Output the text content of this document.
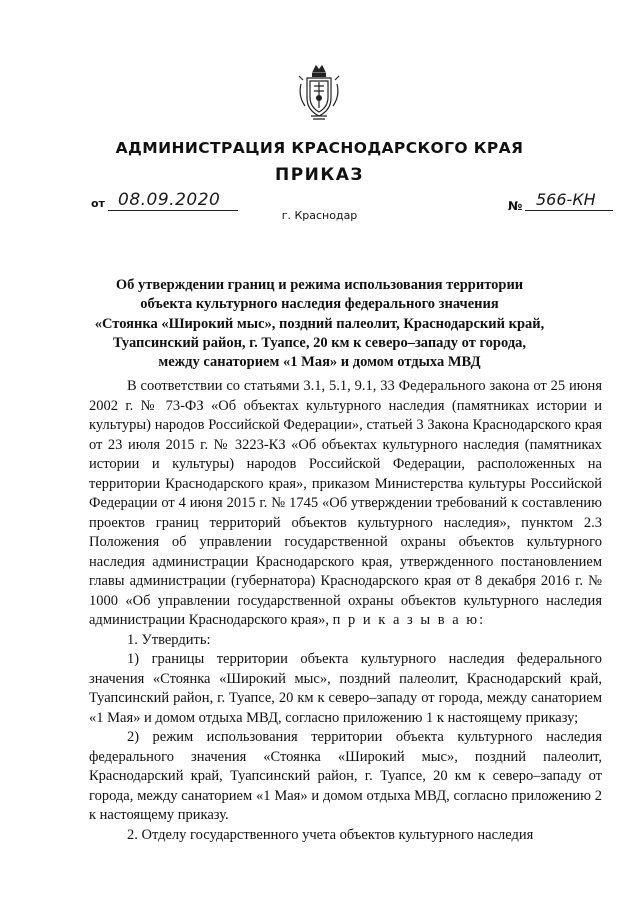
АДМИНИСТРАЦИЯ КРАСНОДАРСКОГО КРАЯ
ПРИКАЗ
от 08.09.2020	№ 566-КН
г. Краснодар
Об утверждении границ и режима использования территории
объекта культурного наследия федерального значения
«Стоянка «Широкий мыс», поздний палеолит, Краснодарский край,
Туапсинский район, г. Туапсе, 20 км к северо–западу от города,
между санаторием «1 Мая» и домом отдыха МВД

В соответствии со статьями 3.1, 5.1, 9.1, 33 Федерального закона от 25 июня 2002 г. № 73-ФЗ «Об объектах культурного наследия (памятниках истории и культуры) народов Российской Федерации», статьей 3 Закона Краснодарского края от 23 июля 2015 г. № 3223-КЗ «Об объектах культурного наследия (памятниках истории и культуры) народов Российской Федерации, расположенных на территории Краснодарского края», приказом Министерства культуры Российской Федерации от 4 июня 2015 г. № 1745 «Об утверждении требований к составлению проектов границ территорий объектов культурного наследия», пунктом 2.3 Положения об управлении государственной охраны объектов культурного наследия администрации Краснодарского края, утвержденного постановлением главы администрации (губернатора) Краснодарского края от 8 декабря 2016 г. № 1000 «Об управлении государственной охраны объектов культурного наследия администрации Краснодарского края», п р и к а з ы в а ю:

1. Утвердить:

1) границы территории объекта культурного наследия федерального значения «Стоянка «Широкий мыс», поздний палеолит, Краснодарский край, Туапсинский район, г. Туапсе, 20 км к северо–западу от города, между санаторием «1 Мая» и домом отдыха МВД, согласно приложению 1 к настоящему приказу;

2) режим использования территории объекта культурного наследия федерального значения «Стоянка «Широкий мыс», поздний палеолит, Краснодарский край, Туапсинский район, г. Туапсе, 20 км к северо–западу от города, между санаторием «1 Мая» и домом отдыха МВД, согласно приложению 2 к настоящему приказу.

2. Отделу государственного учета объектов культурного наследия
